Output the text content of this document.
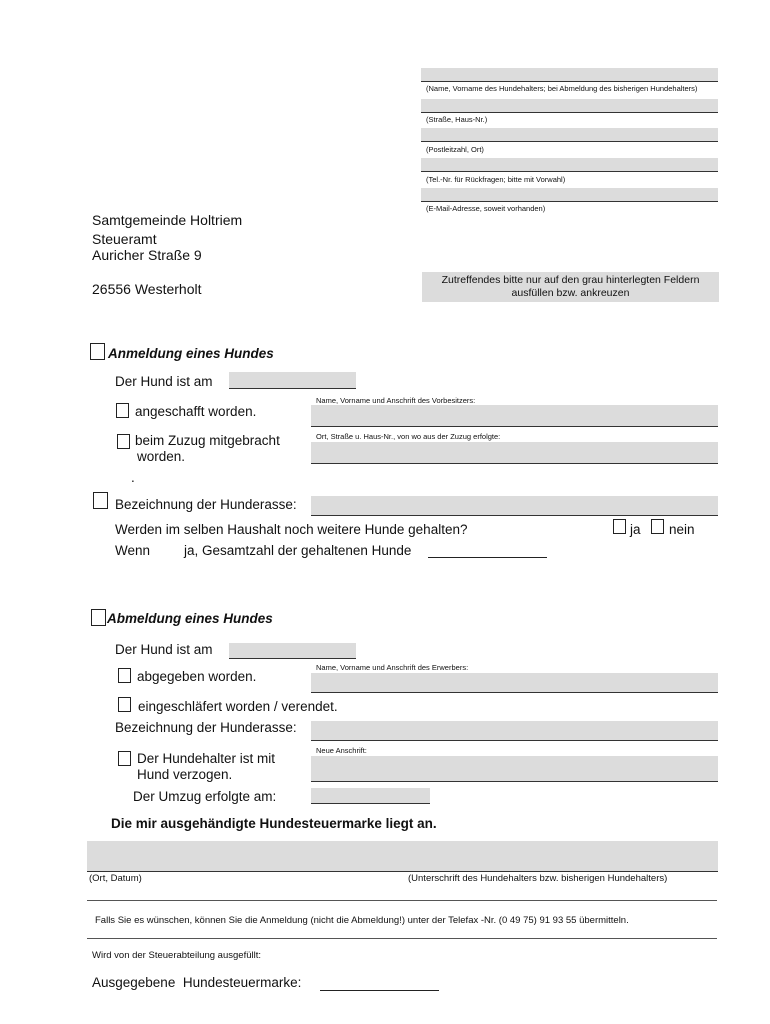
(Name, Vorname des Hundehalters; bei Abmeldung des bisherigen Hundehalters)
(Straße, Haus-Nr.)
(Postleitzahl, Ort)
(Tel.-Nr. für Rückfragen; bitte mit Vorwahl)
(E-Mail-Adresse, soweit vorhanden)
Samtgemeinde Holtriem
Steueramt
Auricher Straße 9
26556 Westerholt
Zutreffendes bitte nur auf den grau hinterlegten Feldern
ausfüllen bzw. ankreuzen
Anmeldung eines Hundes
Der Hund ist am
Name, Vorname und Anschrift des Vorbesitzers:
angeschafft worden.
Ort, Straße u. Haus-Nr., von wo aus der Zuzug erfolgte:
beim Zuzug mitgebracht
worden.
.
Bezeichnung der Hunderasse:
Werden im selben Haushalt noch weitere Hunde gehalten?	ja nein
Wenn	ja, Gesamtzahl der gehaltenen Hunde
Abmeldung eines Hundes
Der Hund ist am
Name, Vorname und Anschrift des Erwerbers:
abgegeben worden.
eingeschläfert worden / verendet.
Bezeichnung der Hunderasse:
Neue Anschrift:
Der Hundehalter ist mit
Hund verzogen.
Der Umzug erfolgte am:
Die mir ausgehändigte Hundesteuermarke liegt an.
(Ort, Datum)	(Unterschrift des Hundehalters bzw. bisherigen Hundehalters)
Falls Sie es wünschen, können Sie die Anmeldung (nicht die Abmeldung!) unter der Telefax -Nr. (0 49 75) 91 93 55 übermitteln.
Wird von der Steuerabteilung ausgefüllt:
Ausgegebene  Hundesteuermarke:
